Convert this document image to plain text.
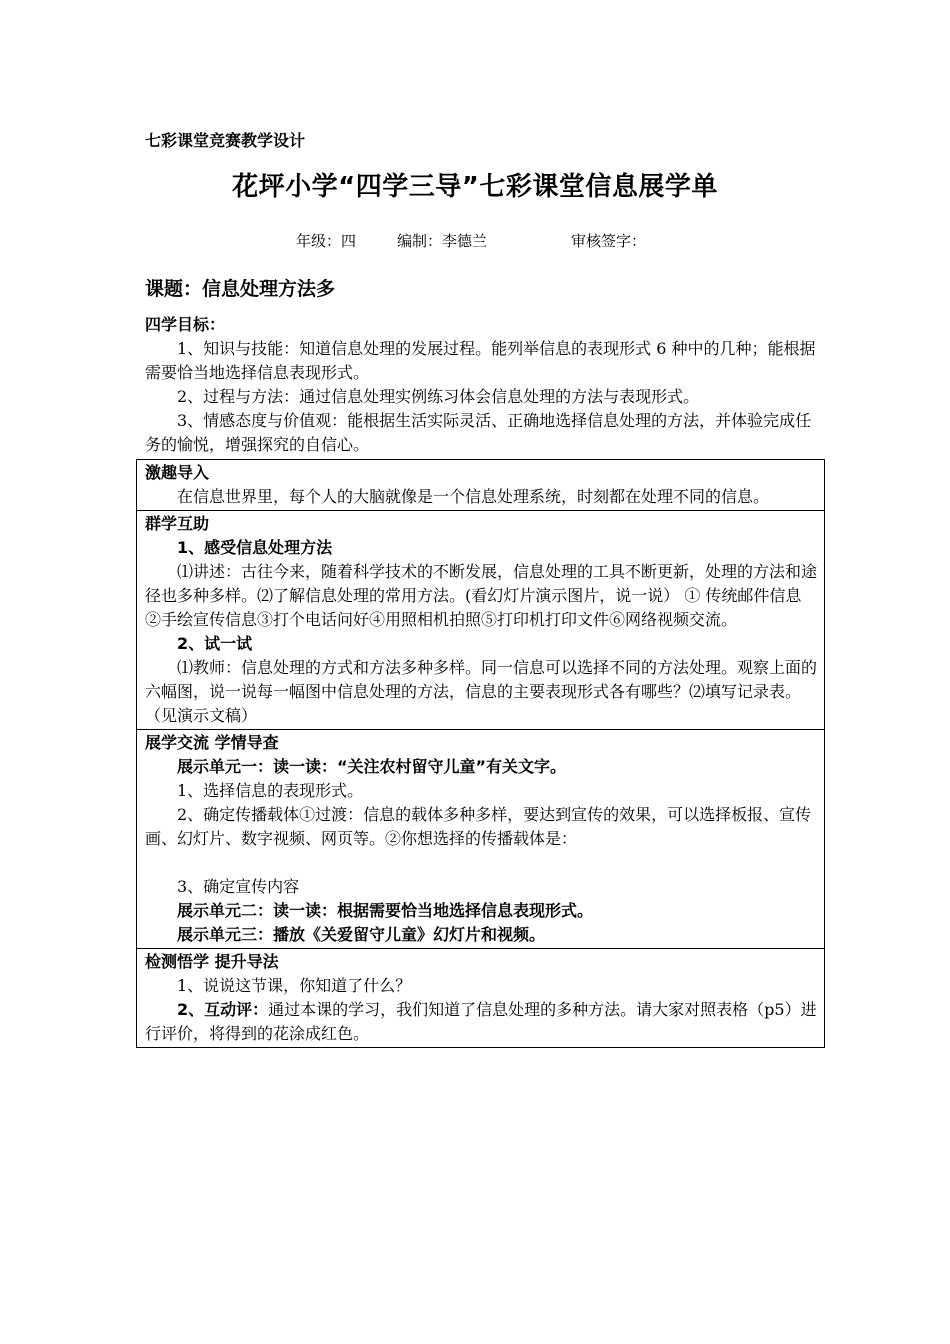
七彩课堂竞赛教学设计
花坪小学“四学三导”七彩课堂信息展学单
年级：四	编制：李德兰	审核签字：
课题：信息处理方法多

四学目标：

1、知识与技能：知道信息处理的发展过程。能列举信息的表现形式 6 种中的几种；能根据需要恰当地选择信息表现形式。

2、过程与方法：通过信息处理实例练习体会信息处理的方法与表现形式。

3、情感态度与价值观：能根据生活实际灵活、正确地选择信息处理的方法，并体验完成任务的愉悦，增强探究的自信心。

激趣导入

在信息世界里，每个人的大脑就像是一个信息处理系统，时刻都在处理不同的信息。

群学互助

1、感受信息处理方法

⑴讲述：古往今来，随着科学技术的不断发展，信息处理的工具不断更新，处理的方法和途径也多种多样。⑵了解信息处理的常用方法。(看幻灯片演示图片，说一说） ① 传统邮件信息②手绘宣传信息③打个电话问好④用照相机拍照⑤打印机打印文件⑥网络视频交流。

2、试一试

⑴教师：信息处理的方式和方法多种多样。同一信息可以选择不同的方法处理。观察上面的六幅图，说一说每一幅图中信息处理的方法，信息的主要表现形式各有哪些？⑵填写记录表。（见演示文稿）

展学交流 学情导查

展示单元一：读一读：“关注农村留守儿童”有关文字。

1、选择信息的表现形式。

2、确定传播载体①过渡：信息的载体多种多样，要达到宣传的效果，可以选择板报、宣传画、幻灯片、数字视频、网页等。②你想选择的传播载体是：

3、确定宣传内容

展示单元二：读一读：根据需要恰当地选择信息表现形式。

展示单元三：播放《关爱留守儿童》幻灯片和视频。

检测悟学 提升导法

1、说说这节课，你知道了什么？

2、互动评：通过本课的学习，我们知道了信息处理的多种方法。请大家对照表格（p5）进行评价，将得到的花涂成红色。
